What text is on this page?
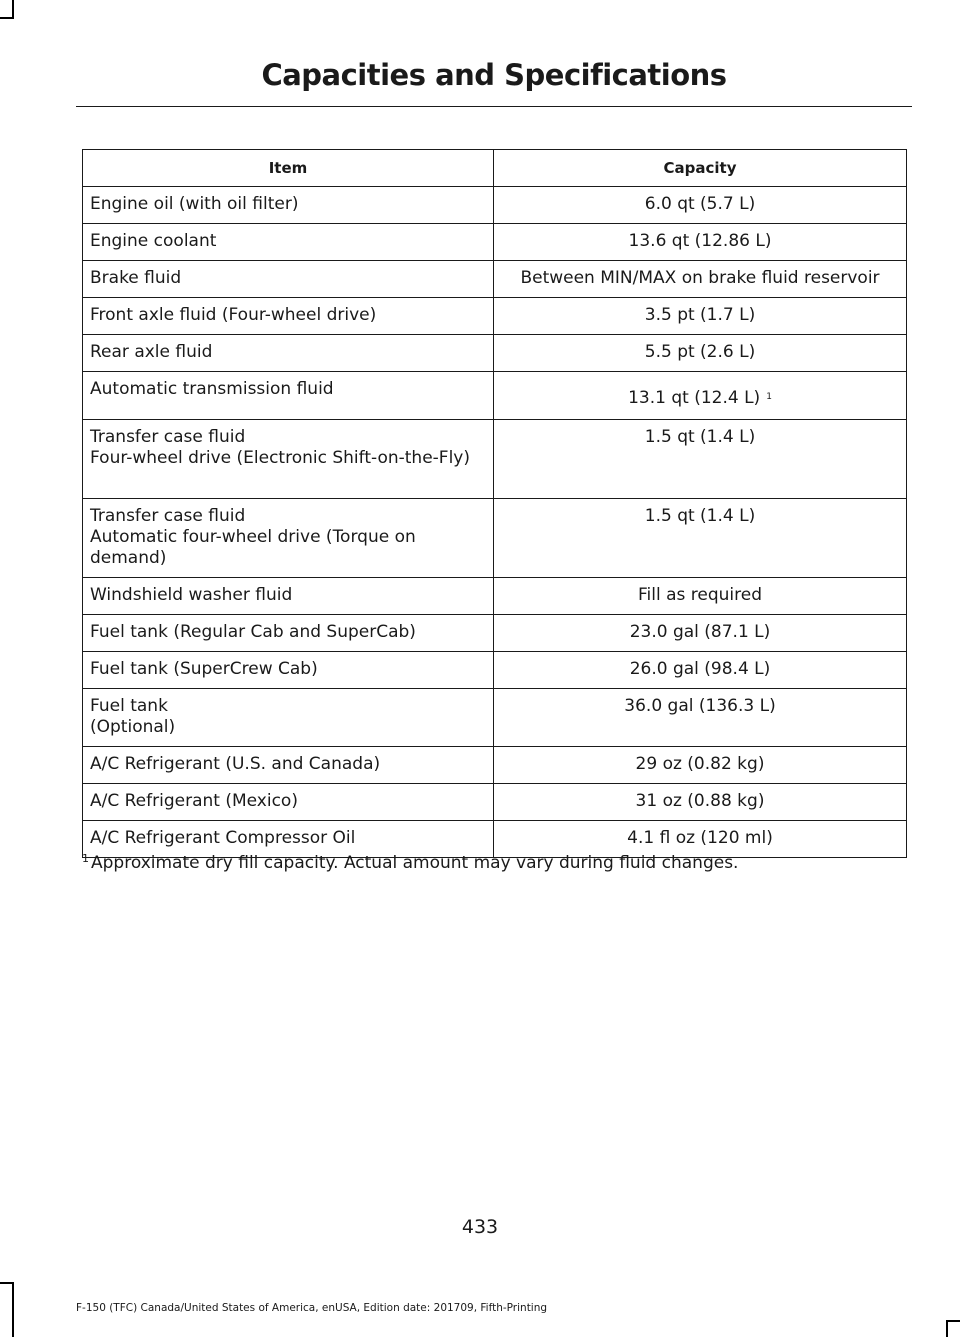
Capacities and Specifications
Item	Capacity

Engine oil (with oil filter)	6.0 qt (5.7 L)

Engine coolant	13.6 qt (12.86 L)

Brake fluid	Between MIN/MAX on brake fluid reservoir

Front axle fluid (Four-wheel drive)	3.5 pt (1.7 L)

Rear axle fluid	5.5 pt (2.6 L)

Automatic transmission fluid	13.1 qt (12.4 L) $^1$

Transfer case fluid
Four-wheel drive (Electronic Shift-on-the-Fly)	1.5 qt (1.4 L)

Transfer case fluid
Automatic four-wheel drive (Torque on demand)	1.5 qt (1.4 L)

Windshield washer fluid	Fill as required

Fuel tank (Regular Cab and SuperCab)	23.0 gal (87.1 L)

Fuel tank (SuperCrew Cab)	26.0 gal (98.4 L)

Fuel tank
(Optional)	36.0 gal (136.3 L)

A/C Refrigerant (U.S. and Canada)	29 oz (0.82 kg)

A/C Refrigerant (Mexico)	31 oz (0.88 kg)

A/C Refrigerant Compressor Oil	4.1 fl oz (120 ml)
$^1$ Approximate dry fill capacity. Actual amount may vary during fluid changes.
433
F-150 (TFC) Canada/United States of America, enUSA, Edition date: 201709, Fifth-Printing
